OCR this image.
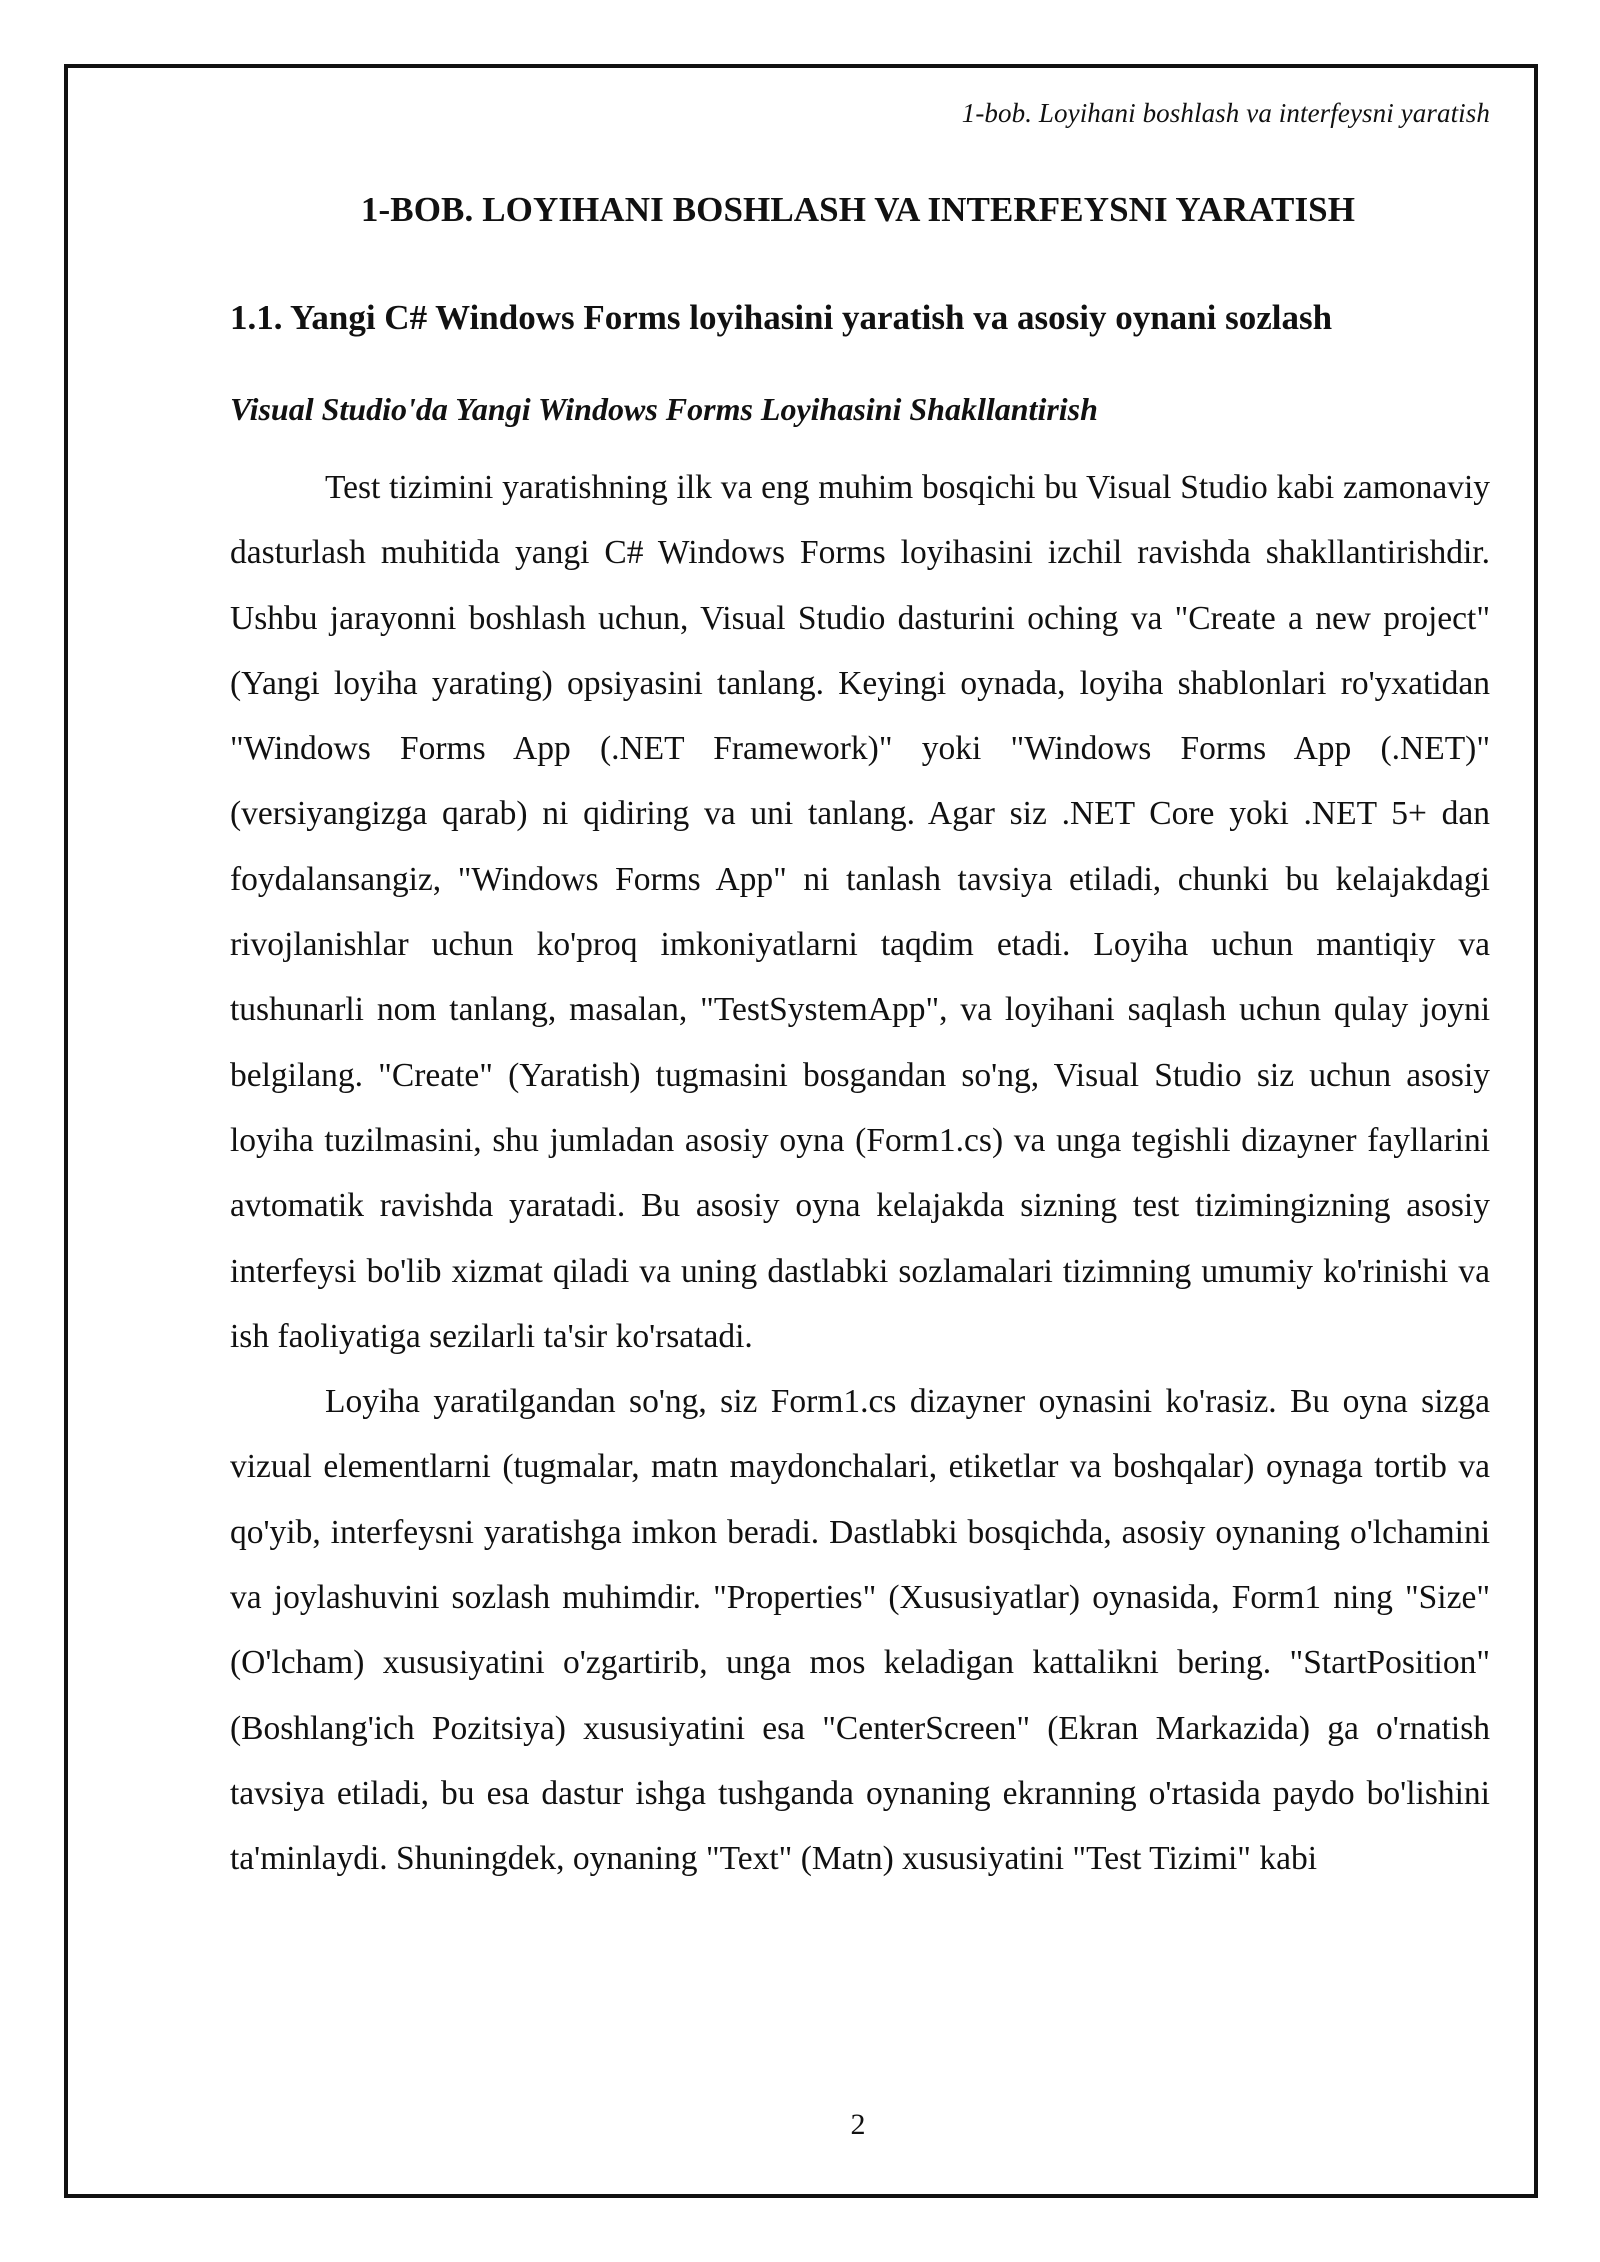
1-bob. Loyihani boshlash va interfeysni yaratish
1-BOB. LOYIHANI BOSHLASH VA INTERFEYSNI YARATISH
1.1. Yangi C# Windows Forms loyihasini yaratish va asosiy oynani sozlash
Visual Studio'da Yangi Windows Forms Loyihasini Shakllantirish

Test tizimini yaratishning ilk va eng muhim bosqichi bu Visual Studio kabi zamonaviy dasturlash muhitida yangi C# Windows Forms loyihasini izchil ravishda shakllantirishdir. Ushbu jarayonni boshlash uchun, Visual Studio dasturini oching va "Create a new project" (Yangi loyiha yarating) opsiyasini tanlang. Keyingi oynada, loyiha shablonlari ro'yxatidan "Windows Forms App (.NET Framework)" yoki "Windows Forms App (.NET)" (versiyangizga qarab) ni qidiring va uni tanlang. Agar siz .NET Core yoki .NET 5+ dan foydalansangiz, "Windows Forms App" ni tanlash tavsiya etiladi, chunki bu kelajakdagi rivojlanishlar uchun ko'proq imkoniyatlarni taqdim etadi. Loyiha uchun mantiqiy va tushunarli nom tanlang, masalan, "TestSystemApp", va loyihani saqlash uchun qulay joyni belgilang. "Create" (Yaratish) tugmasini bosgandan so'ng, Visual Studio siz uchun asosiy loyiha tuzilmasini, shu jumladan asosiy oyna (Form1.cs) va unga tegishli dizayner fayllarini avtomatik ravishda yaratadi. Bu asosiy oyna kelajakda sizning test tizimingizning asosiy interfeysi bo'lib xizmat qiladi va uning dastlabki sozlamalari tizimning umumiy ko'rinishi va ish faoliyatiga sezilarli ta'sir ko'rsatadi.

Loyiha yaratilgandan so'ng, siz Form1.cs dizayner oynasini ko'rasiz. Bu oyna sizga vizual elementlarni (tugmalar, matn maydonchalari, etiketlar va boshqalar) oynaga tortib va qo'yib, interfeysni yaratishga imkon beradi. Dastlabki bosqichda, asosiy oynaning o'lchamini va joylashuvini sozlash muhimdir. "Properties" (Xususiyatlar) oynasida, Form1 ning "Size" (O'lcham) xususiyatini o'zgartirib, unga mos keladigan kattalikni bering. "StartPosition" (Boshlang'ich Pozitsiya) xususiyatini esa "CenterScreen" (Ekran Markazida) ga o'rnatish tavsiya etiladi, bu esa dastur ishga tushganda oynaning ekranning o'rtasida paydo bo'lishini ta'minlaydi. Shuningdek, oynaning "Text" (Matn) xususiyatini "Test Tizimi" kabi

2
